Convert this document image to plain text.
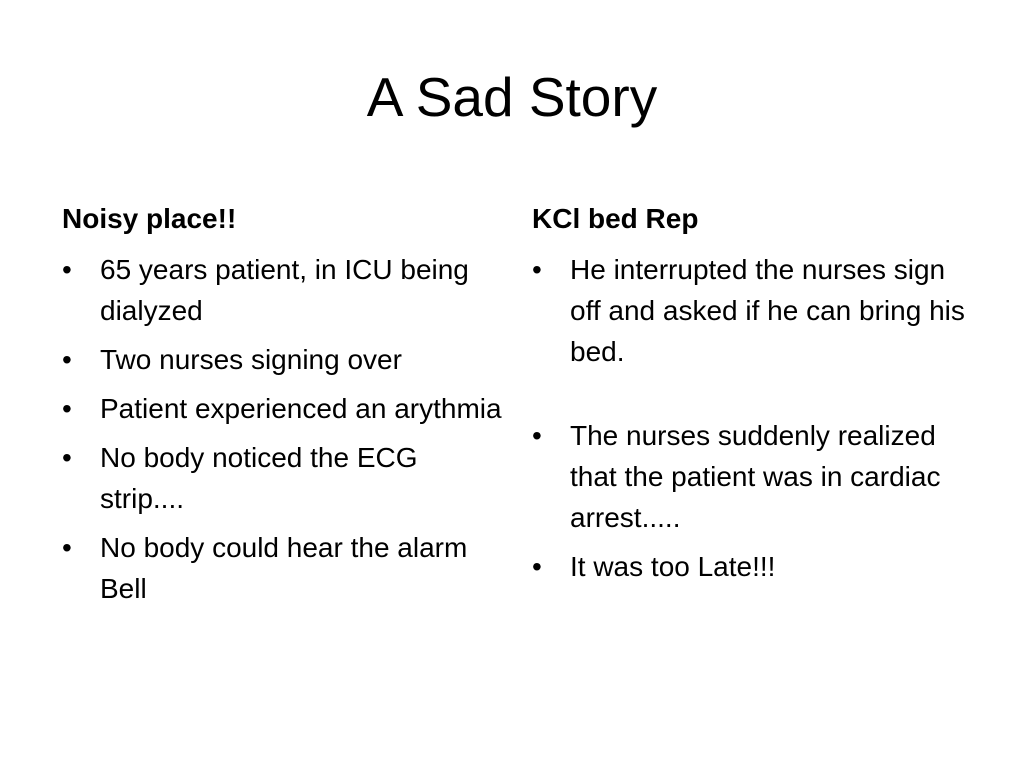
A Sad Story
Noisy place!!
•	65 years patient, in ICU being dialyzed
•	Two nurses signing over
•	Patient experienced an arythmia
•	No body noticed the ECG strip....
•	No body could hear the alarm Bell
KCl bed Rep
•	He interrupted the nurses sign off and asked if he can bring his bed.
•	The nurses suddenly realized that the patient was in cardiac arrest.....
•	It was too Late!!!
